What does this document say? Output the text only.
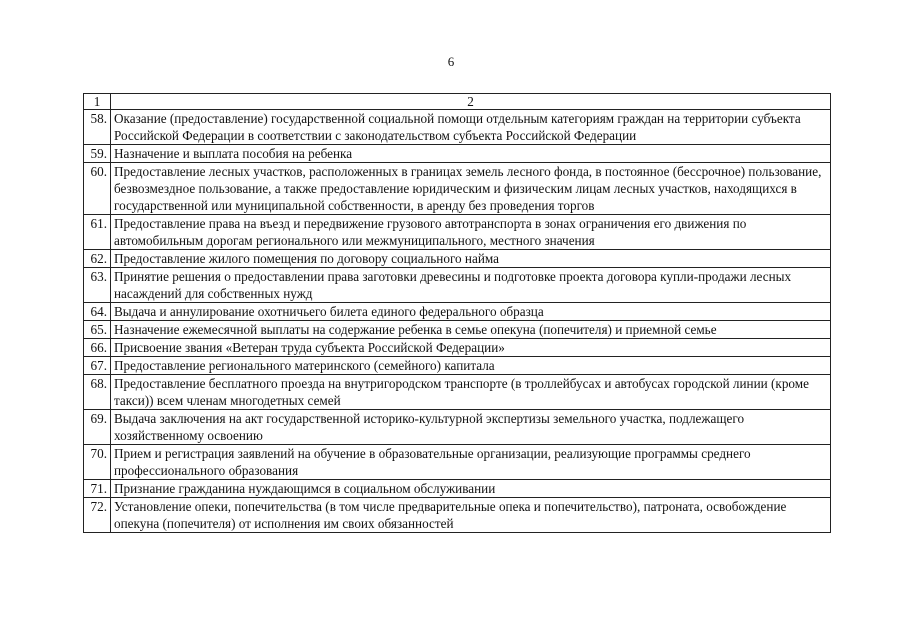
6
1	2
58.	Оказание (предоставление) государственной социальной помощи отдельным категориям граждан на территории субъекта Российской Федерации в соответствии с законодательством субъекта Российской Федерации
59.	Назначение и выплата пособия на ребенка
60.	Предоставление лесных участков, расположенных в границах земель лесного фонда, в постоянное (бессрочное) пользование, безвозмездное пользование, а также предоставление юридическим и физическим лицам лесных участков, находящихся в государственной или муниципальной собственности, в аренду без проведения торгов
61.	Предоставление права на въезд и передвижение грузового автотранспорта в зонах ограничения его движения по автомобильным дорогам регионального или межмуниципального, местного значения
62.	Предоставление жилого помещения по договору социального найма
63.	Принятие решения о предоставлении права заготовки древесины и подготовке проекта договора купли-продажи лесных насаждений для собственных нужд
64.	Выдача и аннулирование охотничьего билета единого федерального образца
65.	Назначение ежемесячной выплаты на содержание ребенка в семье опекуна (попечителя) и приемной семье
66.	Присвоение звания «Ветеран труда субъекта Российской Федерации»
67.	Предоставление регионального материнского (семейного) капитала
68.	Предоставление бесплатного проезда на внутригородском транспорте (в троллейбусах и автобусах городской линии (кроме такси)) всем членам многодетных семей
69.	Выдача заключения на акт государственной историко-культурной экспертизы земельного участка, подлежащего хозяйственному освоению
70.	Прием и регистрация заявлений на обучение в образовательные организации, реализующие программы среднего профессионального образования
71.	Признание гражданина нуждающимся в социальном обслуживании
72.	Установление опеки, попечительства (в том числе предварительные опека и попечительство), патроната, освобождение опекуна (попечителя) от исполнения им своих обязанностей
